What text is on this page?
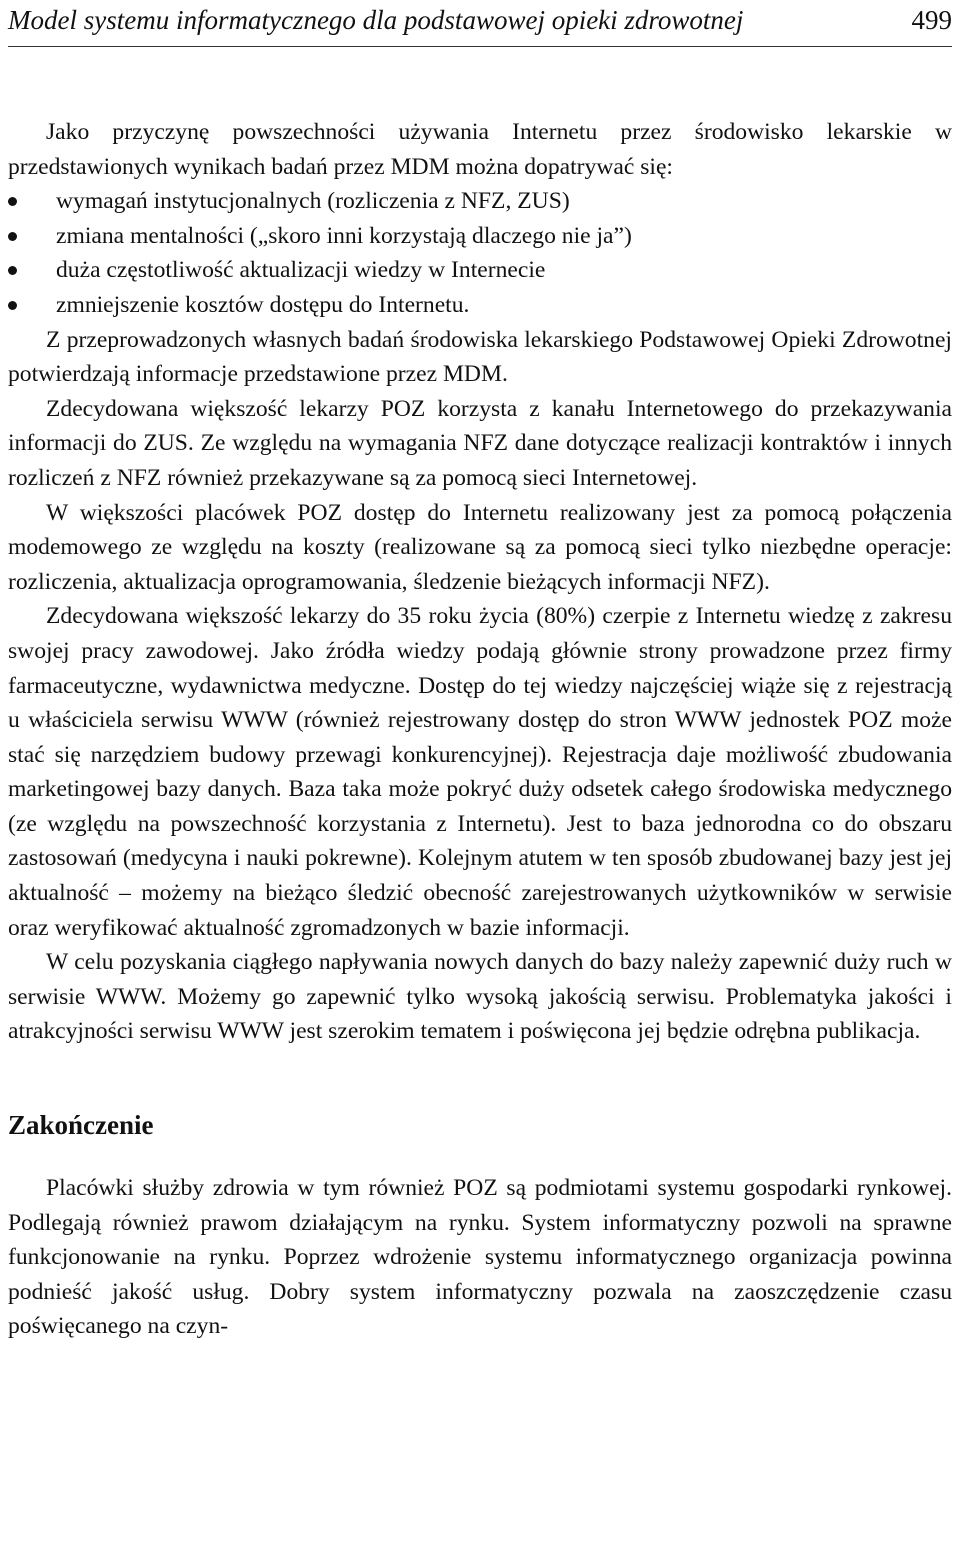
Model systemu informatycznego dla podstawowej opieki zdrowotnej	499

Jako przyczynę powszechności używania Internetu przez środowisko lekarskie w przedstawionych wynikach badań przez MDM można dopatrywać się:

wymagań instytucjonalnych (rozliczenia z NFZ, ZUS)
zmiana mentalności („skoro inni korzystają dlaczego nie ja”)
duża częstotliwość aktualizacji wiedzy w Internecie
zmniejszenie kosztów dostępu do Internetu.

Z przeprowadzonych własnych badań środowiska lekarskiego Podstawowej Opieki Zdrowotnej potwierdzają informacje przedstawione przez MDM.

Zdecydowana większość lekarzy POZ korzysta z kanału Internetowego do przekazywania informacji do ZUS. Ze względu na wymagania NFZ dane dotyczące realizacji kontraktów i innych rozliczeń z NFZ również przekazywane są za pomocą sieci Internetowej.

W większości placówek POZ dostęp do Internetu realizowany jest za pomocą połączenia modemowego ze względu na koszty (realizowane są za pomocą sieci tylko niezbędne operacje: rozliczenia, aktualizacja oprogramowania, śledzenie bieżących informacji NFZ).

Zdecydowana większość lekarzy do 35 roku życia (80%) czerpie z Internetu wiedzę z zakresu swojej pracy zawodowej. Jako źródła wiedzy podają głównie strony prowadzone przez firmy farmaceutyczne, wydawnictwa medyczne. Dostęp do tej wiedzy najczęściej wiąże się z rejestracją u właściciela serwisu WWW (również rejestrowany dostęp do stron WWW jednostek POZ może stać się narzędziem budowy przewagi konkurencyjnej). Rejestracja daje możliwość zbudowania marketingowej bazy danych. Baza taka może pokryć duży odsetek całego środowiska medycznego (ze względu na powszechność korzystania z Internetu). Jest to baza jednorodna co do obszaru zastosowań (medycyna i nauki pokrewne). Kolejnym atutem w ten sposób zbudowanej bazy jest jej aktualność – możemy na bieżąco śledzić obecność zarejestrowanych użytkowników w serwisie oraz weryfikować aktualność zgromadzonych w bazie informacji.

W celu pozyskania ciągłego napływania nowych danych do bazy należy zapewnić duży ruch w serwisie WWW. Możemy go zapewnić tylko wysoką jakością serwisu. Problematyka jakości i atrakcyjności serwisu WWW jest szerokim tematem i poświęcona jej będzie odrębna publikacja.

Zakończenie

Placówki służby zdrowia w tym również POZ są podmiotami systemu gospodarki rynkowej. Podlegają również prawom działającym na rynku. System informatyczny pozwoli na sprawne funkcjonowanie na rynku. Poprzez wdrożenie systemu informatycznego organizacja powinna podnieść jakość usług. Dobry system informatyczny pozwala na zaoszczędzenie czasu poświęcanego na czyn-
